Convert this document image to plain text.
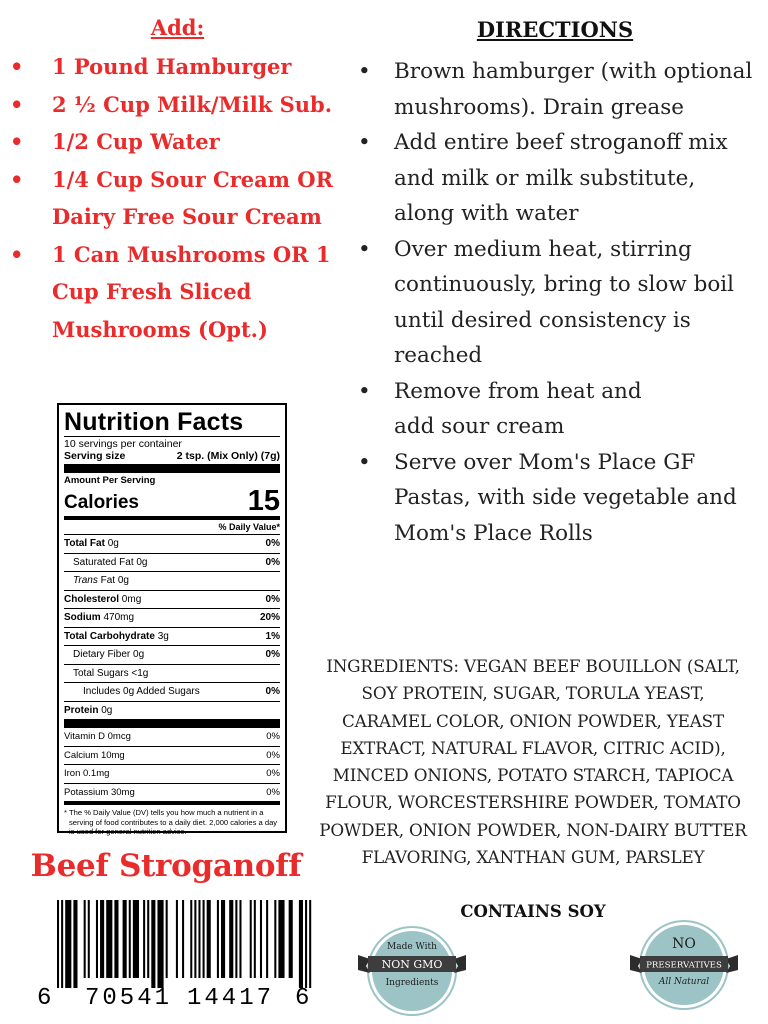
Add:
• 1 Pound Hamburger
• 2 ½ Cup Milk/Milk Sub.
• 1/2 Cup Water
• 1/4 Cup Sour Cream OR Dairy Free Sour Cream
• 1 Can Mushrooms OR 1 Cup Fresh Sliced Mushrooms (Opt.)
DIRECTIONS
• Brown hamburger (with optional mushrooms). Drain grease
• Add entire beef stroganoff mix and milk or milk substitute, along with water
• Over medium heat, stirring continuously, bring to slow boil until desired consistency is reached
• Remove from heat and add sour cream
• Serve over Mom's Place GF Pastas, with side vegetable and Mom's Place Rolls
Nutrition Facts
10 servings per container
Serving size	2 tsp. (Mix Only) (7g)
Amount Per Serving
Calories	15
% Daily Value*
Total Fat 0g	0%
Saturated Fat 0g	0%
Trans Fat 0g
Cholesterol 0mg	0%
Sodium 470mg	20%
Total Carbohydrate 3g	1%
Dietary Fiber 0g	0%
Total Sugars <1g
Includes 0g Added Sugars	0%
Protein 0g
Vitamin D 0mcg	0%
Calcium 10mg	0%
Iron 0.1mg	0%
Potassium 30mg	0%
* The % Daily Value (DV) tells you how much a nutrient in a serving of food contributes to a daily diet. 2,000 calories a day is used for general nutrition advice.
Beef Stroganoff
6 70541 14417 6
INGREDIENTS: VEGAN BEEF BOUILLON (SALT, SOY PROTEIN, SUGAR, TORULA YEAST, CARAMEL COLOR, ONION POWDER, YEAST EXTRACT, NATURAL FLAVOR, CITRIC ACID), MINCED ONIONS, POTATO STARCH, TAPIOCA FLOUR, WORCESTERSHIRE POWDER, TOMATO POWDER, ONION POWDER, NON-DAIRY BUTTER FLAVORING, XANTHAN GUM, PARSLEY
CONTAINS SOY
Made With
NON GMO
Ingredients
NO
PRESERVATIVES
All Natural
